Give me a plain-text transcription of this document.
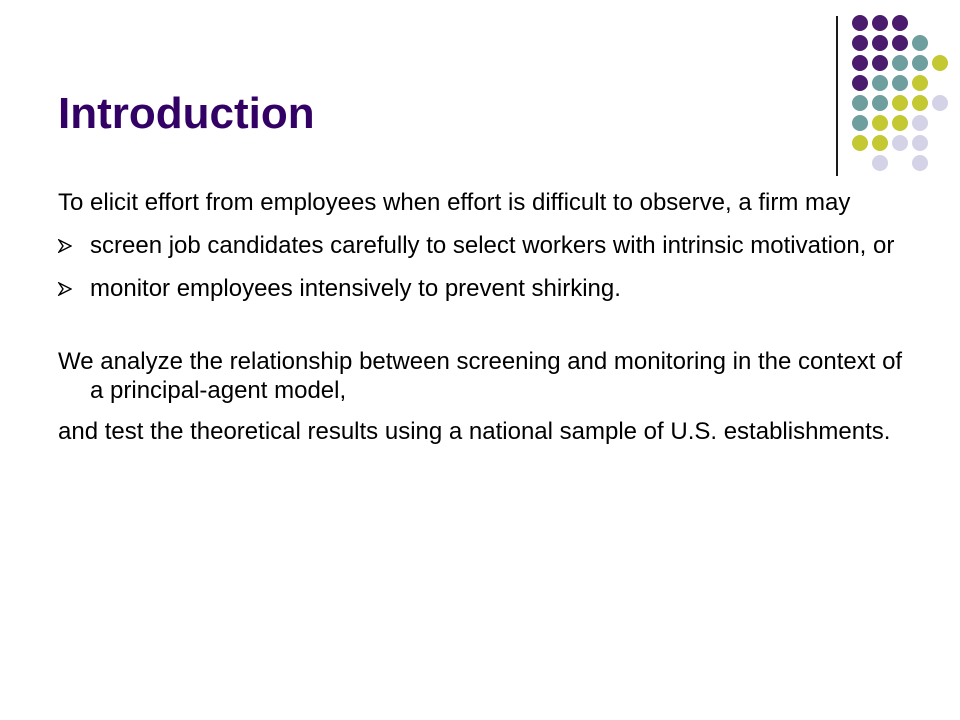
Introduction

To elicit effort from employees when effort is difficult to observe, a firm may

screen job candidates carefully to select workers with intrinsic motivation, or
monitor employees intensively to prevent shirking.

We analyze the relationship between screening and monitoring in the context of a principal-agent model,

and test the theoretical results using a national sample of U.S. establishments.
